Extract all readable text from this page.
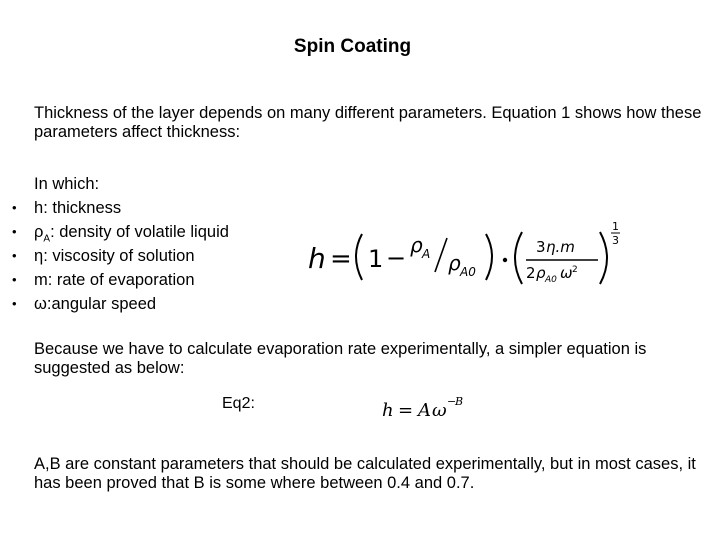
Spin Coating
Thickness of the layer depends on many different parameters. Equation 1 shows how these parameters affect thickness:
In which:
• h: thickness
• $\rho_A$: density of volatile liquid
• η: viscosity of solution
• m: rate of evaporation
• ω:angular speed
h = 1 − ρ A ρ A0
3 η.m
2 ρ A0 ω 2
1
3
Because we have to calculate evaporation rate experimentally, a simpler equation is suggested as below:
Eq2:	h = A ω −
B
A,B are constant parameters that should be calculated experimentally, but in most cases, it has been proved that B is some where between 0.4 and 0.7.
